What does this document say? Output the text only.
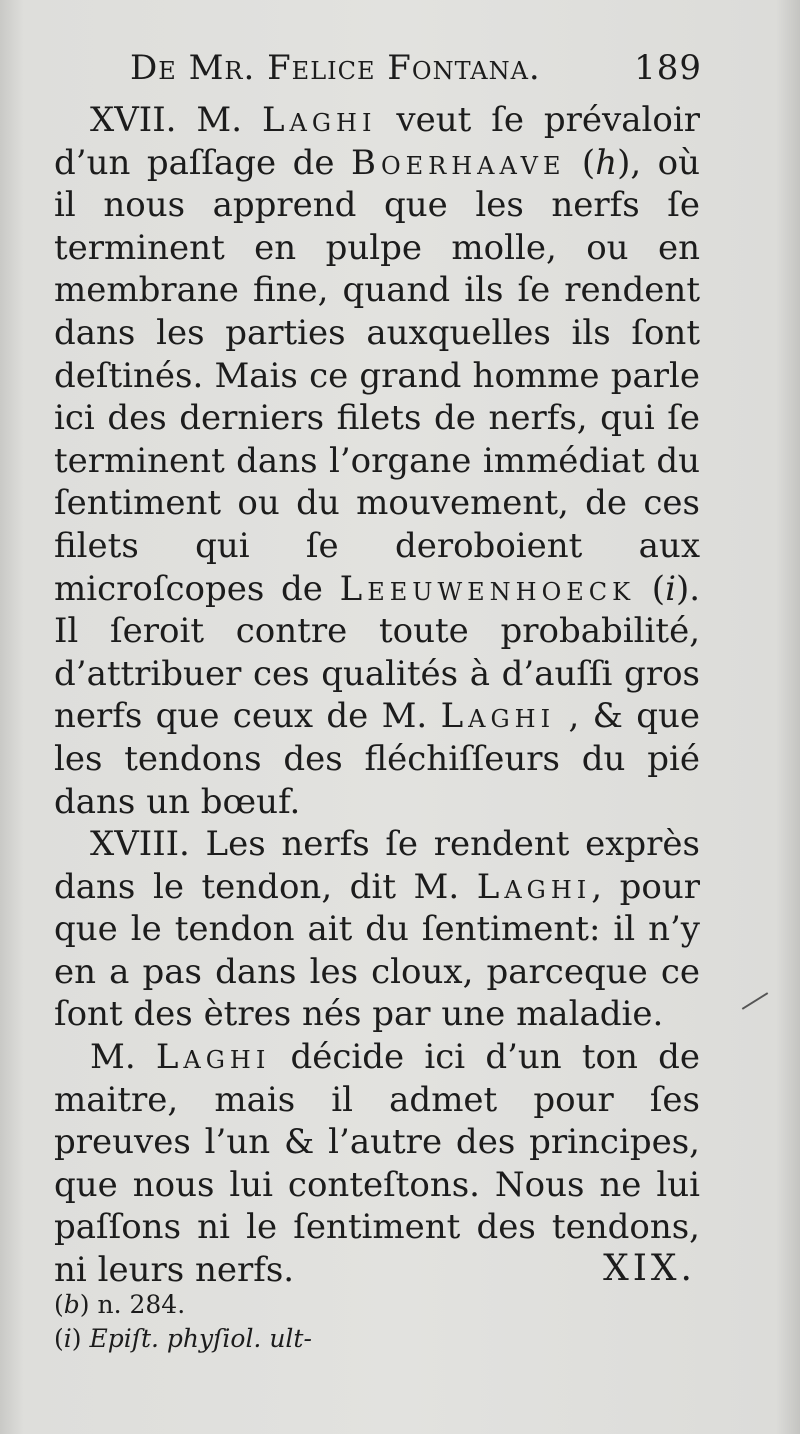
De Mr. Felice Fontana.	189

XVII. M. Laghi veut ſe prévaloir d’un paſſage de Boerhaave (h), où il nous apprend que les nerfs ſe terminent en pulpe molle, ou en membrane fine, quand ils ſe rendent dans les parties auxquelles ils ſont deſtinés. Mais ce grand homme parle ici des derniers filets de nerfs, qui ſe terminent dans l’organe immédiat du ſentiment ou du mouvement, de ces filets qui ſe deroboient aux microſcopes de Leeuwenhoeck (i). Il ſeroit contre toute probabilité, d’attribuer ces qualités à d’auſſi gros nerfs que ceux de M. Laghi , & que les tendons des fléchiſſeurs du pié dans un bœuf.

XVIII. Les nerfs ſe rendent exprès dans le tendon, dit M. Laghi, pour que le tendon ait du ſentiment: il n’y en a pas dans les cloux, parceque ce ſont des ètres nés par une maladie.

M. Laghi décide ici d’un ton de maitre, mais il admet pour ſes preuves l’un & l’autre des principes, que nous lui conteſtons. Nous ne lui paſſons ni le ſentiment des tendons, ni leurs nerfs.	XIX.
(b) n. 284.
(i) Epiſt. phyſiol. ult-
